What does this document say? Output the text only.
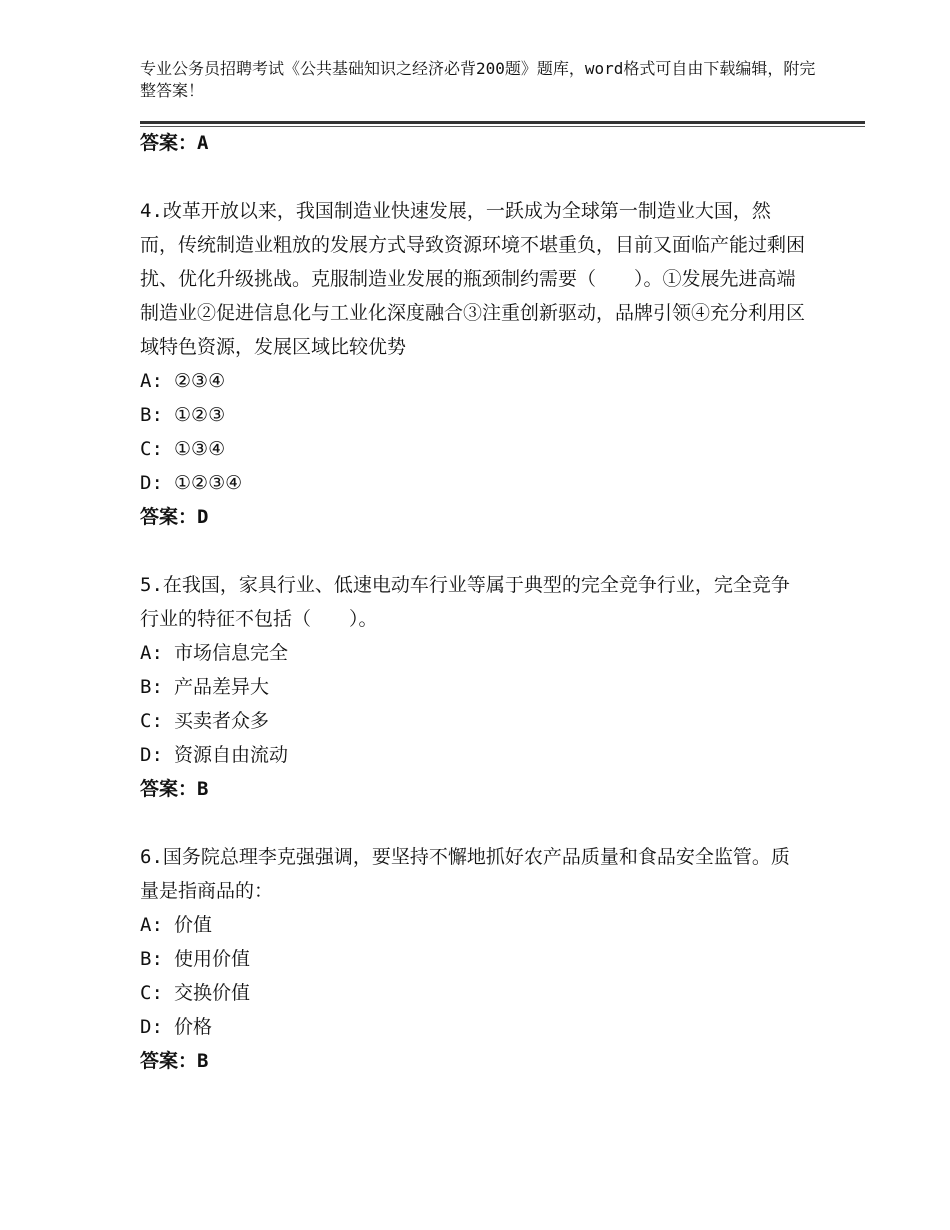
专业公务员招聘考试《公共基础知识之经济必背200题》题库，word格式可自由下载编辑，附完整答案！

答案：A

4.改革开放以来，我国制造业快速发展，一跃成为全球第一制造业大国，然而，传统制造业粗放的发展方式导致资源环境不堪重负，目前又面临产能过剩困扰、优化升级挑战。克服制造业发展的瓶颈制约需要（　　）。①发展先进高端制造业②促进信息化与工业化深度融合③注重创新驱动，品牌引领④充分利用区域特色资源，发展区域比较优势

A: ②③④

B: ①②③

C: ①③④

D: ①②③④

答案：D

5.在我国，家具行业、低速电动车行业等属于典型的完全竞争行业，完全竞争行业的特征不包括（　　）。

A: 市场信息完全

B: 产品差异大

C: 买卖者众多

D: 资源自由流动

答案：B

6.国务院总理李克强强调，要坚持不懈地抓好农产品质量和食品安全监管。质量是指商品的：

A: 价值

B: 使用价值

C: 交换价值

D: 价格

答案：B
